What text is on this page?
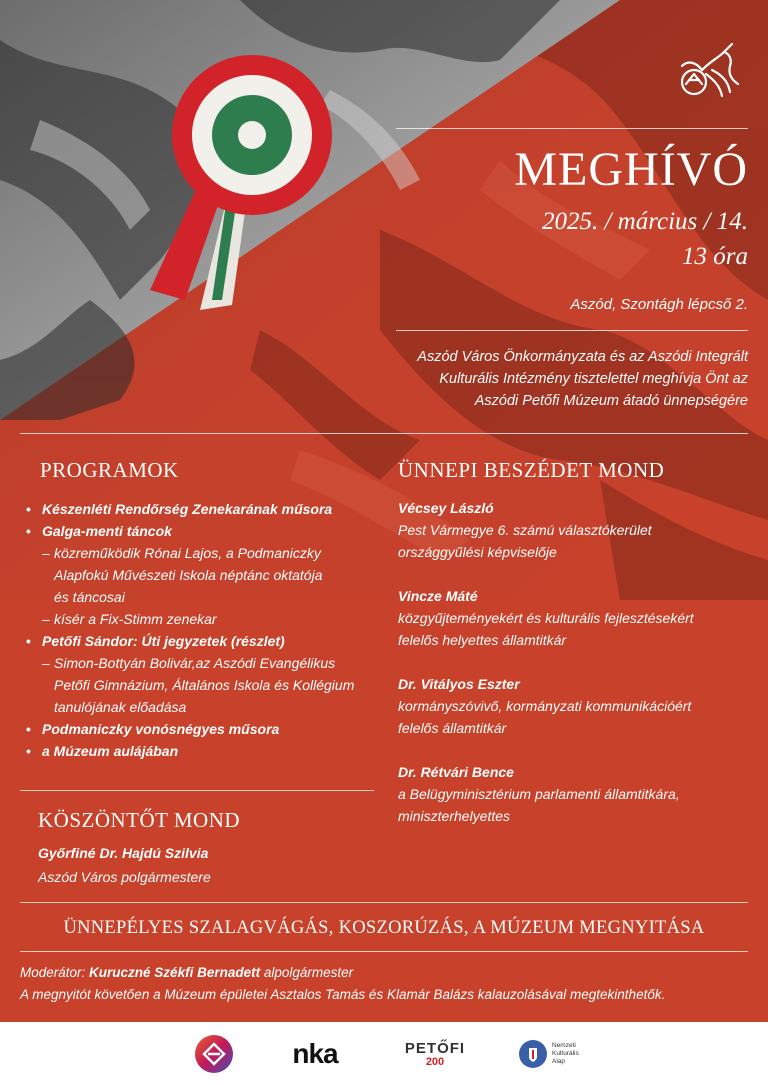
MEGHÍVÓ
2025. / március / 14.
13 óra
Aszód, Szontágh lépcső 2.
Aszód Város Önkormányzata és az Aszódi Integrált
Kulturális Intézmény tisztelettel meghívja Önt az
Aszódi Petőfi Múzeum átadó ünnepségére
PROGRAMOK
• Készenléti Rendőrség Zenekarának műsora
• Galga-menti táncok
– közreműködik Rónai Lajos, a Podmaniczky
Alapfokú Művészeti Iskola néptánc oktatója
és táncosai
– kísér a Fix-Stimm zenekar
• Petőfi Sándor: Úti jegyzetek (részlet)
– Simon-Bottyán Bolivár,az Aszódi Evangélikus
Petőfi Gimnázium, Általános Iskola és Kollégium
tanulójának előadása
• Podmaniczky vonósnégyes műsora
• a Múzeum aulájában
ÜNNEPI BESZÉDET MOND
Vécsey László
Pest Vármegye 6. számú választókerület
országgyűlési képviselője
Vincze Máté
közgyűjteményekért és kulturális fejlesztésekért
felelős helyettes államtitkár
Dr. Vitályos Eszter
kormányszóvivő, kormányzati kommunikációért
felelős államtitkár
Dr. Rétvári Bence
a Belügyminisztérium parlamenti államtitkára,
miniszterhelyettes
KÖSZÖNTŐT MOND
Győrfiné Dr. Hajdú Szilvia
Aszód Város polgármestere
ÜNNEPÉLYES SZALAGVÁGÁS, KOSZORÚZÁS, A MÚZEUM MEGNYITÁSA
Moderátor: Kuruczné Székfi Bernadett alpolgármester
A megnyitót követően a Múzeum épületei Asztalos Tamás és Klamár Balázs kalauzolásával megtekinthetők.
nka	PETŐFI
200
Nemzeti
Kulturális
Alap
